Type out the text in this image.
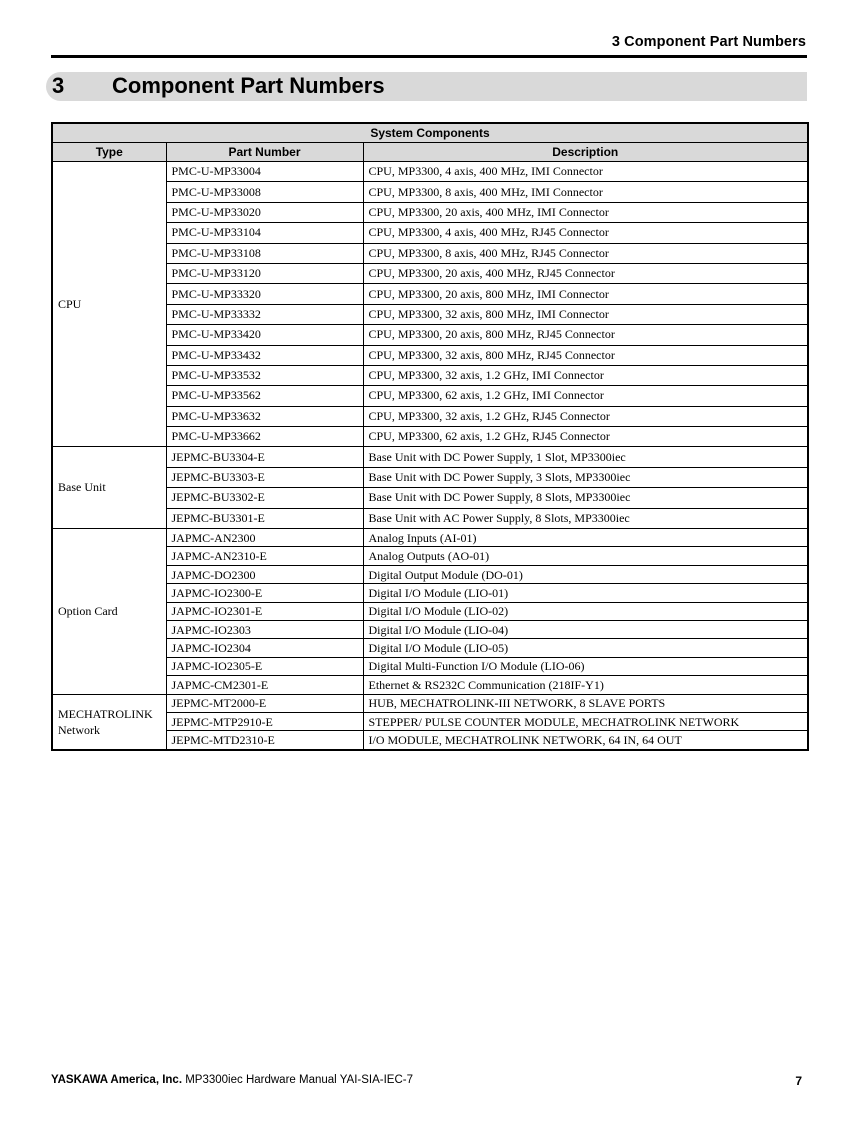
3 Component Part Numbers
3 Component Part Numbers
System Components		
Type	Part Number	Description
CPU	PMC-U-MP33004	CPU, MP3300, 4 axis, 400 MHz, IMI Connector
	PMC-U-MP33008	CPU, MP3300, 8 axis, 400 MHz, IMI Connector
	PMC-U-MP33020	CPU, MP3300, 20 axis, 400 MHz, IMI Connector
	PMC-U-MP33104	CPU, MP3300, 4 axis, 400 MHz, RJ45 Connector
	PMC-U-MP33108	CPU, MP3300, 8 axis, 400 MHz, RJ45 Connector
	PMC-U-MP33120	CPU, MP3300, 20 axis, 400 MHz, RJ45 Connector
	PMC-U-MP33320	CPU, MP3300, 20 axis, 800 MHz, IMI Connector
	PMC-U-MP33332	CPU, MP3300, 32 axis, 800 MHz, IMI Connector
	PMC-U-MP33420	CPU, MP3300, 20 axis, 800 MHz, RJ45 Connector
	PMC-U-MP33432	CPU, MP3300, 32 axis, 800 MHz, RJ45 Connector
	PMC-U-MP33532	CPU, MP3300, 32 axis, 1.2 GHz, IMI Connector
	PMC-U-MP33562	CPU, MP3300, 62 axis, 1.2 GHz, IMI Connector
	PMC-U-MP33632	CPU, MP3300, 32 axis, 1.2 GHz, RJ45 Connector
	PMC-U-MP33662	CPU, MP3300, 62 axis, 1.2 GHz, RJ45 Connector
Base Unit	JEPMC-BU3304-E	Base Unit with DC Power Supply, 1 Slot, MP3300iec
	JEPMC-BU3303-E	Base Unit with DC Power Supply, 3 Slots, MP3300iec
	JEPMC-BU3302-E	Base Unit with DC Power Supply, 8 Slots, MP3300iec
	JEPMC-BU3301-E	Base Unit with AC Power Supply, 8 Slots, MP3300iec
Option Card	JAPMC-AN2300	Analog Inputs (AI-01)
	JAPMC-AN2310-E	Analog Outputs (AO-01)
	JAPMC-DO2300	Digital Output Module (DO-01)
	JAPMC-IO2300-E	Digital I/O Module (LIO-01)
	JAPMC-IO2301-E	Digital I/O Module (LIO-02)
	JAPMC-IO2303	Digital I/O Module (LIO-04)
	JAPMC-IO2304	Digital I/O Module (LIO-05)
	JAPMC-IO2305-E	Digital Multi-Function I/O Module (LIO-06)
	JAPMC-CM2301-E	Ethernet & RS232C Communication (218IF-Y1)
MECHATROLINK Network	JEPMC-MT2000-E	HUB, MECHATROLINK-III NETWORK, 8 SLAVE PORTS
	JEPMC-MTP2910-E	STEPPER/ PULSE COUNTER MODULE, MECHATROLINK NETWORK
	JEPMC-MTD2310-E	I/O MODULE, MECHATROLINK NETWORK, 64 IN, 64 OUT
YASKAWA America, Inc. MP3300iec Hardware Manual YAI-SIA-IEC-7	7
